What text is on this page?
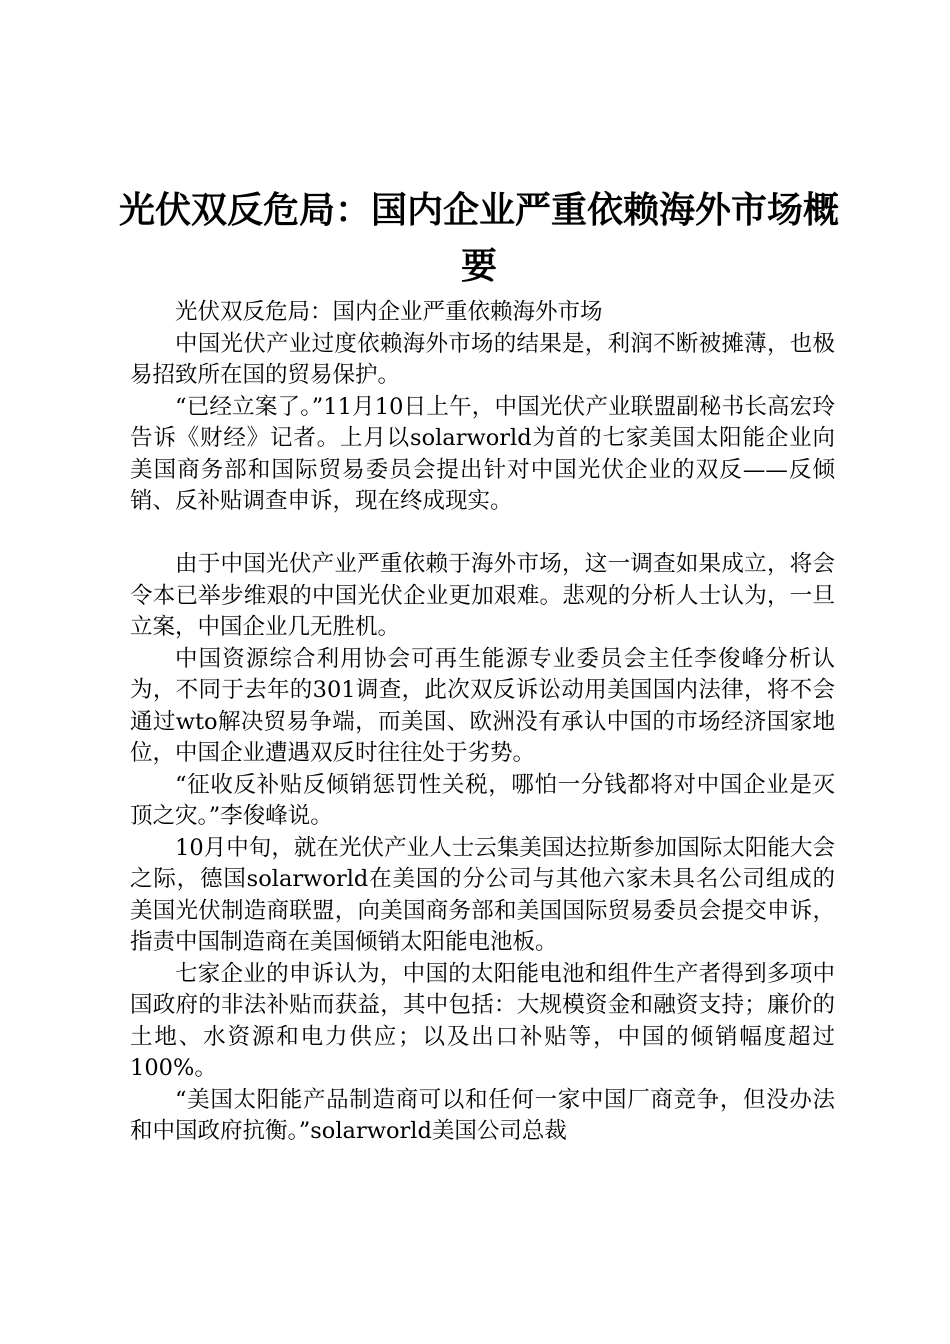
光伏双反危局：国内企业严重依赖海外市场概要

光伏双反危局：国内企业严重依赖海外市场

中国光伏产业过度依赖海外市场的结果是，利润不断被摊薄，也极易招致所在国的贸易保护。

“已经立案了。”11月10日上午，中国光伏产业联盟副秘书长高宏玲告诉《财经》记者。上月以solarworld为首的七家美国太阳能企业向美国商务部和国际贸易委员会提出针对中国光伏企业的双反——反倾销、反补贴调查申诉，现在终成现实。

由于中国光伏产业严重依赖于海外市场，这一调查如果成立，将会令本已举步维艰的中国光伏企业更加艰难。悲观的分析人士认为，一旦立案，中国企业几无胜机。

中国资源综合利用协会可再生能源专业委员会主任李俊峰分析认为，不同于去年的301调查，此次双反诉讼动用美国国内法律，将不会通过wto解决贸易争端，而美国、欧洲没有承认中国的市场经济国家地位，中国企业遭遇双反时往往处于劣势。

“征收反补贴反倾销惩罚性关税，哪怕一分钱都将对中国企业是灭顶之灾。”李俊峰说。

10月中旬，就在光伏产业人士云集美国达拉斯参加国际太阳能大会之际，德国solarworld在美国的分公司与其他六家未具名公司组成的美国光伏制造商联盟，向美国商务部和美国国际贸易委员会提交申诉，指责中国制造商在美国倾销太阳能电池板。

七家企业的申诉认为，中国的太阳能电池和组件生产者得到多项中国政府的非法补贴而获益，其中包括：大规模资金和融资支持；廉价的土地、水资源和电力供应；以及出口补贴等，中国的倾销幅度超过100%。

“美国太阳能产品制造商可以和任何一家中国厂商竞争，但没办法和中国政府抗衡。”solarworld美国公司总裁
